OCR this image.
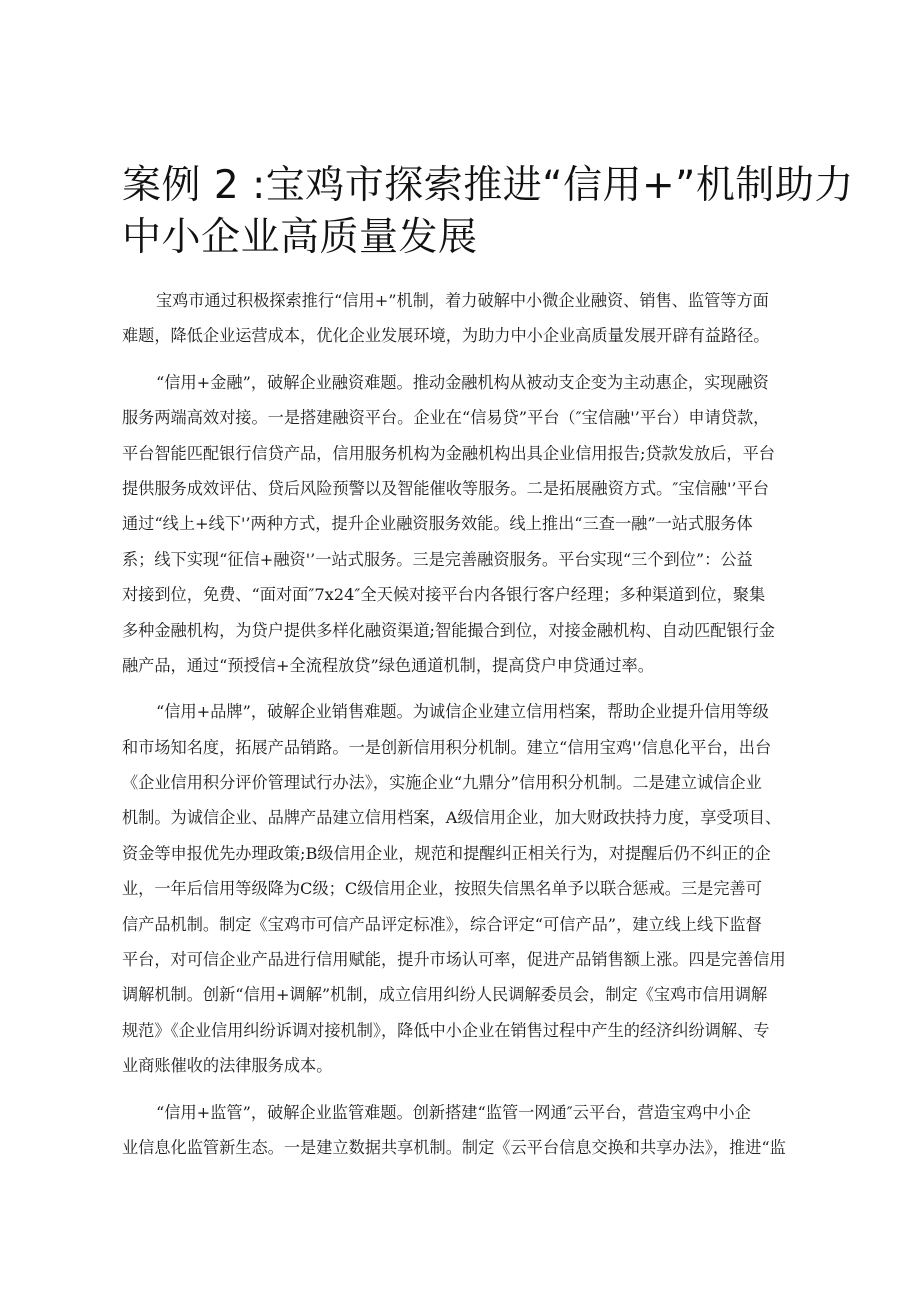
案例 2 :宝鸡市探索推进“信用+”机制助力
中小企业高质量发展
宝鸡市通过积极探索推行“信用+”机制，着力破解中小微企业融资、销售、监管等方面
难题，降低企业运营成本，优化企业发展环境，为助力中小企业高质量发展开辟有益路径。
“信用+金融”，破解企业融资难题。推动金融机构从被动支企变为主动惠企，实现融资
服务两端高效对接。一是搭建融资平台。企业在“信易贷”平台（″宝信融'’平台）申请贷款，
平台智能匹配银行信贷产品，信用服务机构为金融机构出具企业信用报告;贷款发放后，平台
提供服务成效评估、贷后风险预警以及智能催收等服务。二是拓展融资方式。″宝信融'’平台
通过“线上+线下'’两种方式，提升企业融资服务效能。线上推出“三查一融”一站式服务体
系；线下实现“征信+融资'’一站式服务。三是完善融资服务。平台实现“三个到位”：公益
对接到位，免费、“面对面″7x24″全天候对接平台内各银行客户经理；多种渠道到位，聚集
多种金融机构，为贷户提供多样化融资渠道;智能撮合到位，对接金融机构、自动匹配银行金
融产品，通过“预授信+全流程放贷”绿色通道机制，提高贷户申贷通过率。
“信用+品牌”，破解企业销售难题。为诚信企业建立信用档案，帮助企业提升信用等级
和市场知名度，拓展产品销路。一是创新信用积分机制。建立“信用宝鸡'’信息化平台，出台
《企业信用积分评价管理试行办法》，实施企业“九鼎分”信用积分机制。二是建立诚信企业
机制。为诚信企业、品牌产品建立信用档案，A级信用企业，加大财政扶持力度，享受项目、
资金等申报优先办理政策;B级信用企业，规范和提醒纠正相关行为，对提醒后仍不纠正的企
业，一年后信用等级降为C级；C级信用企业，按照失信黑名单予以联合惩戒。三是完善可
信产品机制。制定《宝鸡市可信产品评定标准》，综合评定“可信产品”，建立线上线下监督
平台，对可信企业产品进行信用赋能，提升市场认可率，促进产品销售额上涨。四是完善信用
调解机制。创新“信用+调解”机制，成立信用纠纷人民调解委员会，制定《宝鸡市信用调解
规范》《企业信用纠纷诉调对接机制》，降低中小企业在销售过程中产生的经济纠纷调解、专
业商账催收的法律服务成本。
“信用+监管”，破解企业监管难题。创新搭建“监管一网通″云平台，营造宝鸡中小企
业信息化监管新生态。一是建立数据共享机制。制定《云平台信息交换和共享办法》，推进“监
